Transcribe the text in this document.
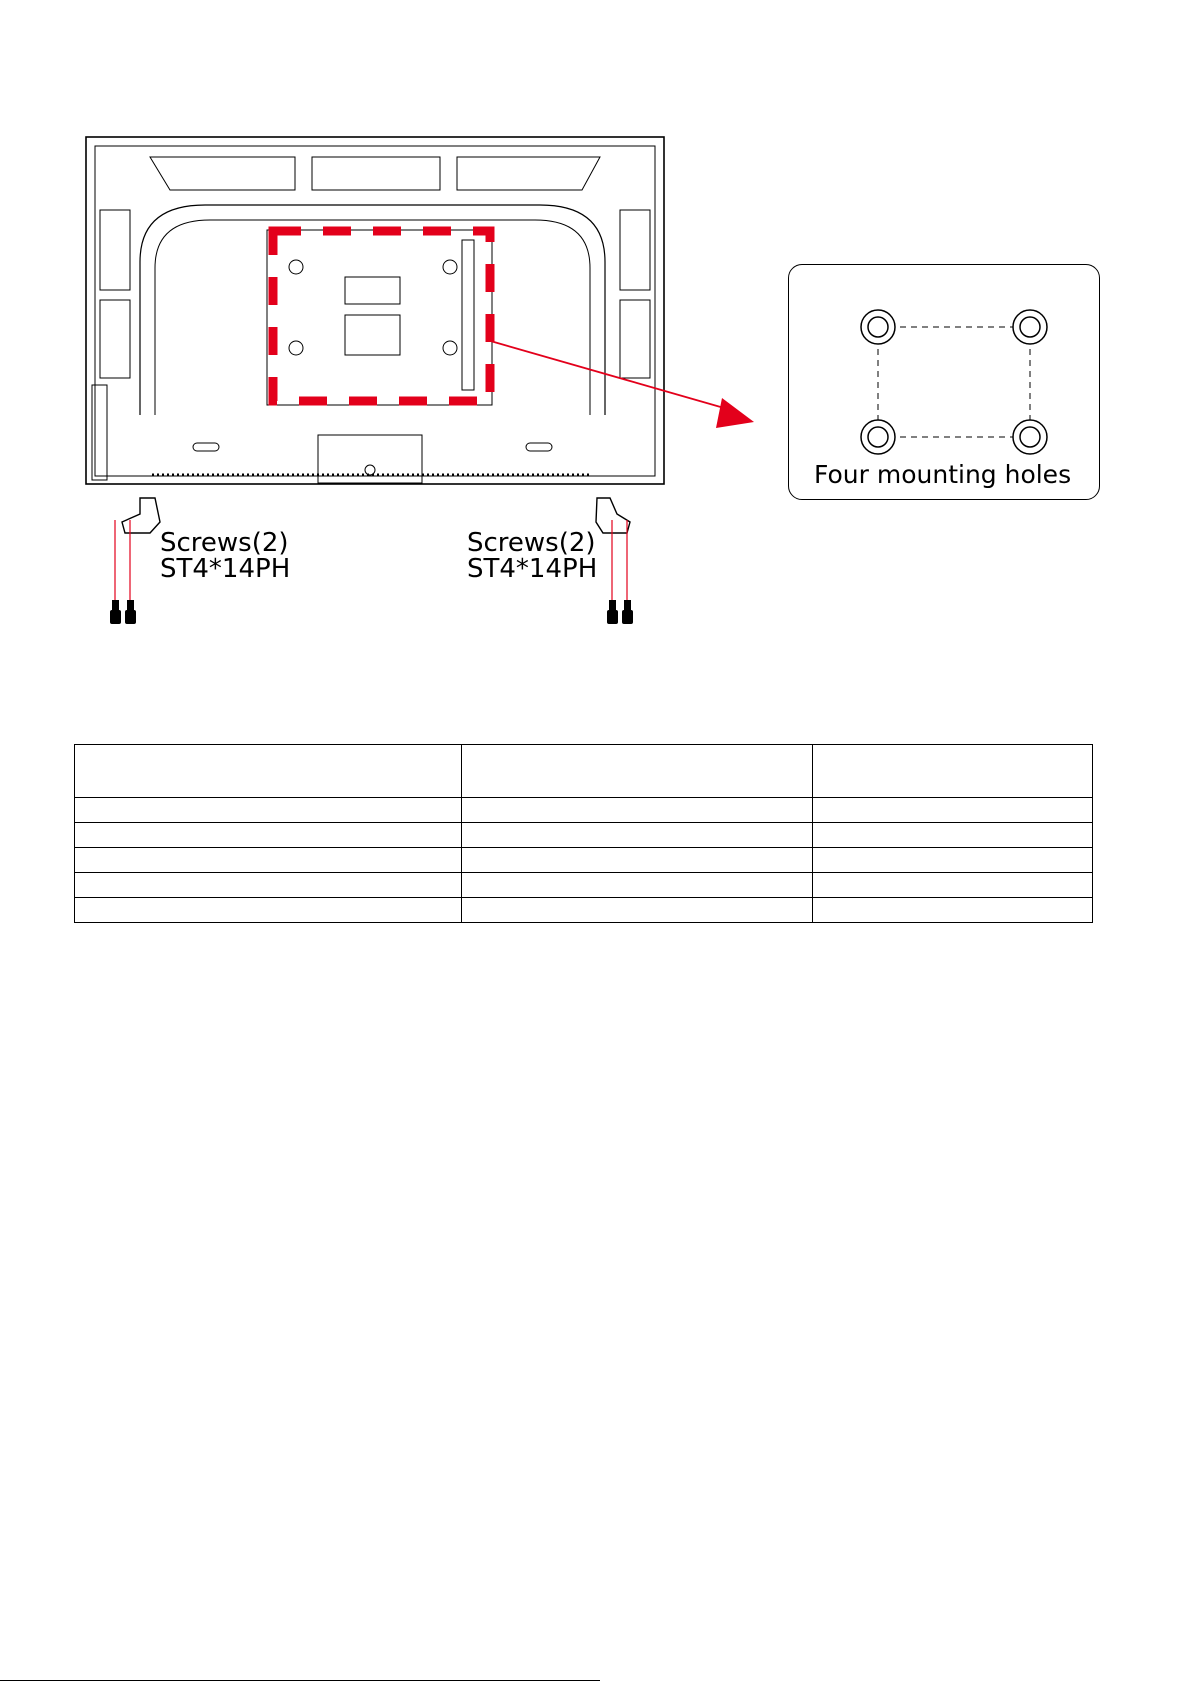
Four mounting holes
Screws(2)
ST4*14PH
Screws(2)
ST4*14PH
